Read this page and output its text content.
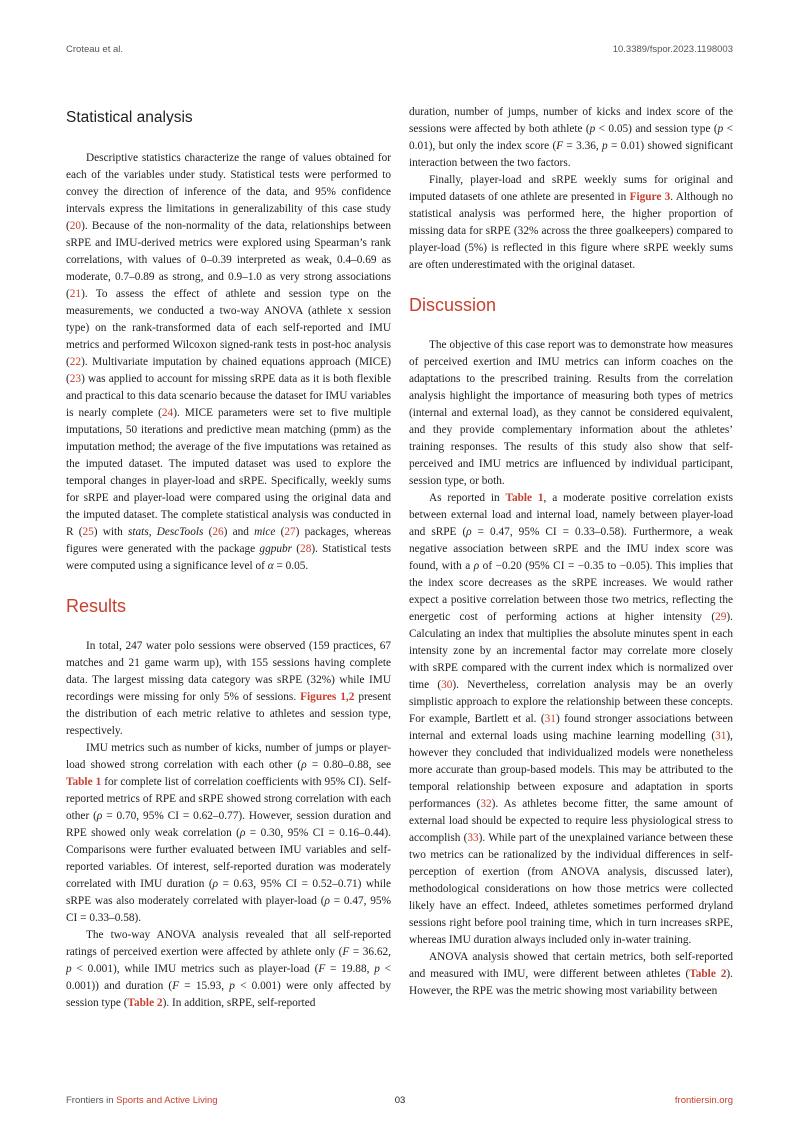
Croteau et al.	10.3389/fspor.2023.1198003
Statistical analysis

Descriptive statistics characterize the range of values obtained for each of the variables under study. Statistical tests were performed to convey the direction of inference of the data, and 95% confidence intervals express the limitations in generalizability of this case study (20). Because of the non-normality of the data, relationships between sRPE and IMU-derived metrics were explored using Spearman’s rank correlations, with values of 0–0.39 interpreted as weak, 0.4–0.69 as moderate, 0.7–0.89 as strong, and 0.9–1.0 as very strong associations (21). To assess the effect of athlete and session type on the measurements, we conducted a two-way ANOVA (athlete x session type) on the rank-transformed data of each self-reported and IMU metrics and performed Wilcoxon signed-rank tests in post-hoc analysis (22). Multivariate imputation by chained equations approach (MICE) (23) was applied to account for missing sRPE data as it is both flexible and practical to this data scenario because the dataset for IMU variables is nearly complete (24). MICE parameters were set to five multiple imputations, 50 iterations and predictive mean matching (pmm) as the imputation method; the average of the five imputations was retained as the imputed dataset. The imputed dataset was used to explore the temporal changes in player-load and sRPE. Specifically, weekly sums for sRPE and player-load were compared using the original data and the imputed dataset. The complete statistical analysis was conducted in R (25) with stats, DescTools (26) and mice (27) packages, whereas figures were generated with the package ggpubr (28). Statistical tests were computed using a significance level of α = 0.05.

Results

In total, 247 water polo sessions were observed (159 practices, 67 matches and 21 game warm up), with 155 sessions having complete data. The largest missing data category was sRPE (32%) while IMU recordings were missing for only 5% of sessions. Figures 1,2 present the distribution of each metric relative to athletes and session type, respectively.

IMU metrics such as number of kicks, number of jumps or player-load showed strong correlation with each other (ρ = 0.80–0.88, see Table 1 for complete list of correlation coefficients with 95% CI). Self-reported metrics of RPE and sRPE showed strong correlation with each other (ρ = 0.70, 95% CI = 0.62–0.77). However, session duration and RPE showed only weak correlation (ρ = 0.30, 95% CI = 0.16–0.44). Comparisons were further evaluated between IMU variables and self-reported variables. Of interest, self-reported duration was moderately correlated with IMU duration (ρ = 0.63, 95% CI = 0.52–0.71) while sRPE was also moderately correlated with player-load (ρ = 0.47, 95% CI = 0.33–0.58).

The two-way ANOVA analysis revealed that all self-reported ratings of perceived exertion were affected by athlete only (F = 36.62, p < 0.001), while IMU metrics such as player-load (F = 19.88, p < 0.001)) and duration (F = 15.93, p < 0.001) were only affected by session type (Table 2). In addition, sRPE, self-reported

duration, number of jumps, number of kicks and index score of the sessions were affected by both athlete (p < 0.05) and session type (p < 0.01), but only the index score (F = 3.36, p = 0.01) showed significant interaction between the two factors.

Finally, player-load and sRPE weekly sums for original and imputed datasets of one athlete are presented in Figure 3. Although no statistical analysis was performed here, the higher proportion of missing data for sRPE (32% across the three goalkeepers) compared to player-load (5%) is reflected in this figure where sRPE weekly sums are often underestimated with the original dataset.

Discussion

The objective of this case report was to demonstrate how measures of perceived exertion and IMU metrics can inform coaches on the adaptations to the prescribed training. Results from the correlation analysis highlight the importance of measuring both types of metrics (internal and external load), as they cannot be considered equivalent, and they provide complementary information about the athletes’ training responses. The results of this study also show that self-perceived and IMU metrics are influenced by individual participant, session type, or both.

As reported in Table 1, a moderate positive correlation exists between external load and internal load, namely between player-load and sRPE (ρ = 0.47, 95% CI = 0.33–0.58). Furthermore, a weak negative association between sRPE and the IMU index score was found, with a ρ of −0.20 (95% CI = −0.35 to −0.05). This implies that the index score decreases as the sRPE increases. We would rather expect a positive correlation between those two metrics, reflecting the energetic cost of performing actions at higher intensity (29). Calculating an index that multiplies the absolute minutes spent in each intensity zone by an incremental factor may correlate more closely with sRPE compared with the current index which is normalized over time (30). Nevertheless, correlation analysis may be an overly simplistic approach to explore the relationship between these concepts. For example, Bartlett et al. (31) found stronger associations between internal and external loads using machine learning modelling (31), however they concluded that individualized models were nonetheless more accurate than group-based models. This may be attributed to the temporal relationship between exposure and adaptation in sports performances (32). As athletes become fitter, the same amount of external load should be expected to require less physiological stress to accomplish (33). While part of the unexplained variance between these two metrics can be rationalized by the individual differences in self-perception of exertion (from ANOVA analysis, discussed later), methodological considerations on how those metrics were collected likely have an effect. Indeed, athletes sometimes performed dryland sessions right before pool training time, which in turn increases sRPE, whereas IMU duration always included only in-water training.

ANOVA analysis showed that certain metrics, both self-reported and measured with IMU, were different between athletes (Table 2). However, the RPE was the metric showing most variability between

Frontiers in Sports and Active Living	03	frontiersin.org
